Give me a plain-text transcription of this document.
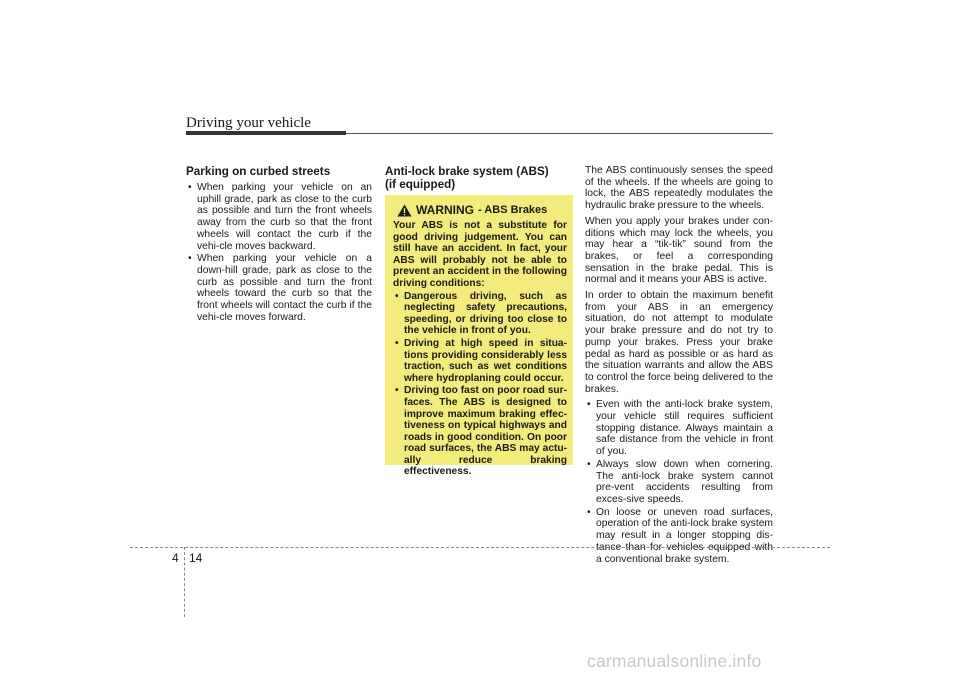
Driving your vehicle
Parking on curbed streets
• When parking your vehicle on an uphill grade, park as close to the curb as possible and turn the front wheels away from the curb so that the front wheels will contact the curb if the vehi-cle moves backward.
• When parking your vehicle on a down-hill grade, park as close to the curb as possible and turn the front wheels toward the curb so that the front wheels will contact the curb if the vehi-cle moves forward.
Anti-lock brake system (ABS)
(if equipped)
WARNING - ABS Brakes

Your ABS is not a substitute for good driving judgement. You can still have an accident. In fact, your ABS will probably not be able to prevent an accident in the following driving conditions:

• Dangerous driving, such as neglecting safety precautions, speeding, or driving too close to the vehicle in front of you.
• Driving at high speed in situa-tions providing considerably less traction, such as wet conditions where hydroplaning could occur.
• Driving too fast on poor road sur-faces. The ABS is designed to improve maximum braking effec-tiveness on typical highways and roads in good condition. On poor road surfaces, the ABS may actu-ally reduce braking effectiveness.

The ABS continuously senses the speed of the wheels. If the wheels are going to lock, the ABS repeatedly modulates the hydraulic brake pressure to the wheels.

When you apply your brakes under con-ditions which may lock the wheels, you may hear a “tik-tik” sound from the brakes, or feel a corresponding sensation in the brake pedal. This is normal and it means your ABS is active.

In order to obtain the maximum benefit from your ABS in an emergency situation, do not attempt to modulate your brake pressure and do not try to pump your brakes. Press your brake pedal as hard as possible or as hard as the situation warrants and allow the ABS to control the force being delivered to the brakes.

• Even with the anti-lock brake system, your vehicle still requires sufficient stopping distance. Always maintain a safe distance from the vehicle in front of you.
• Always slow down when cornering. The anti-lock brake system cannot pre-vent accidents resulting from exces-sive speeds.
• On loose or uneven road surfaces, operation of the anti-lock brake system may result in a longer stopping dis-tance than for vehicles equipped with a conventional brake system.
4 14
carmanualsonline.info
